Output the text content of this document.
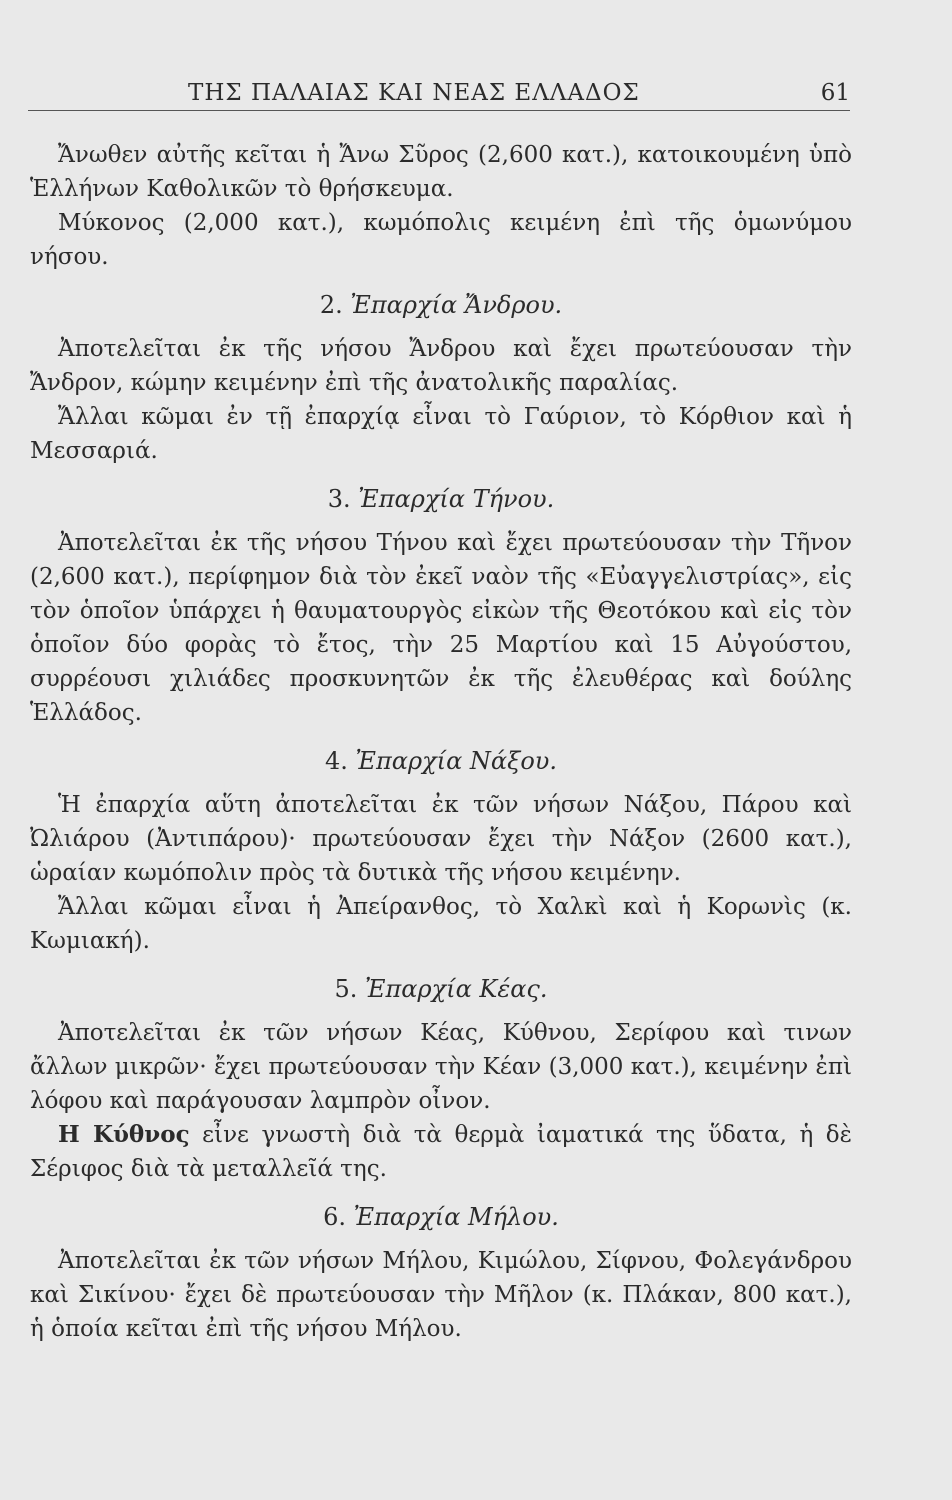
ΤΗΣ ΠΑΛΑΙΑΣ ΚΑΙ ΝΕΑΣ ΕΛΛΑΔΟΣ	61

Ἄνωθεν αὐτῆς κεῖται ἡ Ἄνω Σῦρος (2,600 κατ.), κατοικουμένη ὑπὸ Ἑλλήνων Καθολικῶν τὸ θρήσκευμα.

Μύκονος (2,000 κατ.), κωμόπολις κειμένη ἐπὶ τῆς ὁμωνύμου νήσου.

2. Ἐπαρχία Ἄνδρου.

Ἀποτελεῖται ἐκ τῆς νήσου Ἄνδρου καὶ ἔχει πρωτεύουσαν τὴν Ἄνδρον, κώμην κειμένην ἐπὶ τῆς ἀνατολικῆς παραλίας.

Ἄλλαι κῶμαι ἐν τῇ ἐπαρχίᾳ εἶναι τὸ Γαύριον, τὸ Κόρθιον καὶ ἡ Μεσσαριά.

3. Ἐπαρχία Τήνου.

Ἀποτελεῖται ἐκ τῆς νήσου Τήνου καὶ ἔχει πρωτεύουσαν τὴν Τῆνον (2,600 κατ.), περίφημον διὰ τὸν ἐκεῖ ναὸν τῆς «Εὐαγγελιστρίας», εἰς τὸν ὁποῖον ὑπάρχει ἡ θαυματουργὸς εἰκὼν τῆς Θεοτόκου καὶ εἰς τὸν ὁποῖον δύο φορὰς τὸ ἔτος, τὴν 25 Μαρτίου καὶ 15 Αὐγούστου, συρρέουσι χιλιάδες προσκυνητῶν ἐκ τῆς ἐλευθέρας καὶ δούλης Ἑλλάδος.

4. Ἐπαρχία Νάξου.

Ἡ ἐπαρχία αὕτη ἀποτελεῖται ἐκ τῶν νήσων Νάξου, Πάρου καὶ Ὠλιάρου (Ἀντιπάρου)· πρωτεύουσαν ἔχει τὴν Νάξον (2600 κατ.), ὡραίαν κωμόπολιν πρὸς τὰ δυτικὰ τῆς νήσου κειμένην.

Ἄλλαι κῶμαι εἶναι ἡ Ἀπείρανθος, τὸ Χαλκὶ καὶ ἡ Κορωνὶς (κ. Κωμιακή).

5. Ἐπαρχία Κέας.

Ἀποτελεῖται ἐκ τῶν νήσων Κέας, Κύθνου, Σερίφου καὶ τινων ἄλλων μικρῶν· ἔχει πρωτεύουσαν τὴν Κέαν (3,000 κατ.), κειμένην ἐπὶ λόφου καὶ παράγουσαν λαμπρὸν οἶνον.

Η Κύθνος εἶνε γνωστὴ διὰ τὰ θερμὰ ἰαματικά της ὕδατα, ἡ δὲ Σέριφος διὰ τὰ μεταλλεῖά της.

6. Ἐπαρχία Μήλου.

Ἀποτελεῖται ἐκ τῶν νήσων Μήλου, Κιμώλου, Σίφνου, Φολεγάνδρου καὶ Σικίνου· ἔχει δὲ πρωτεύουσαν τὴν Μῆλον (κ. Πλάκαν, 800 κατ.), ἡ ὁποία κεῖται ἐπὶ τῆς νήσου Μήλου.
